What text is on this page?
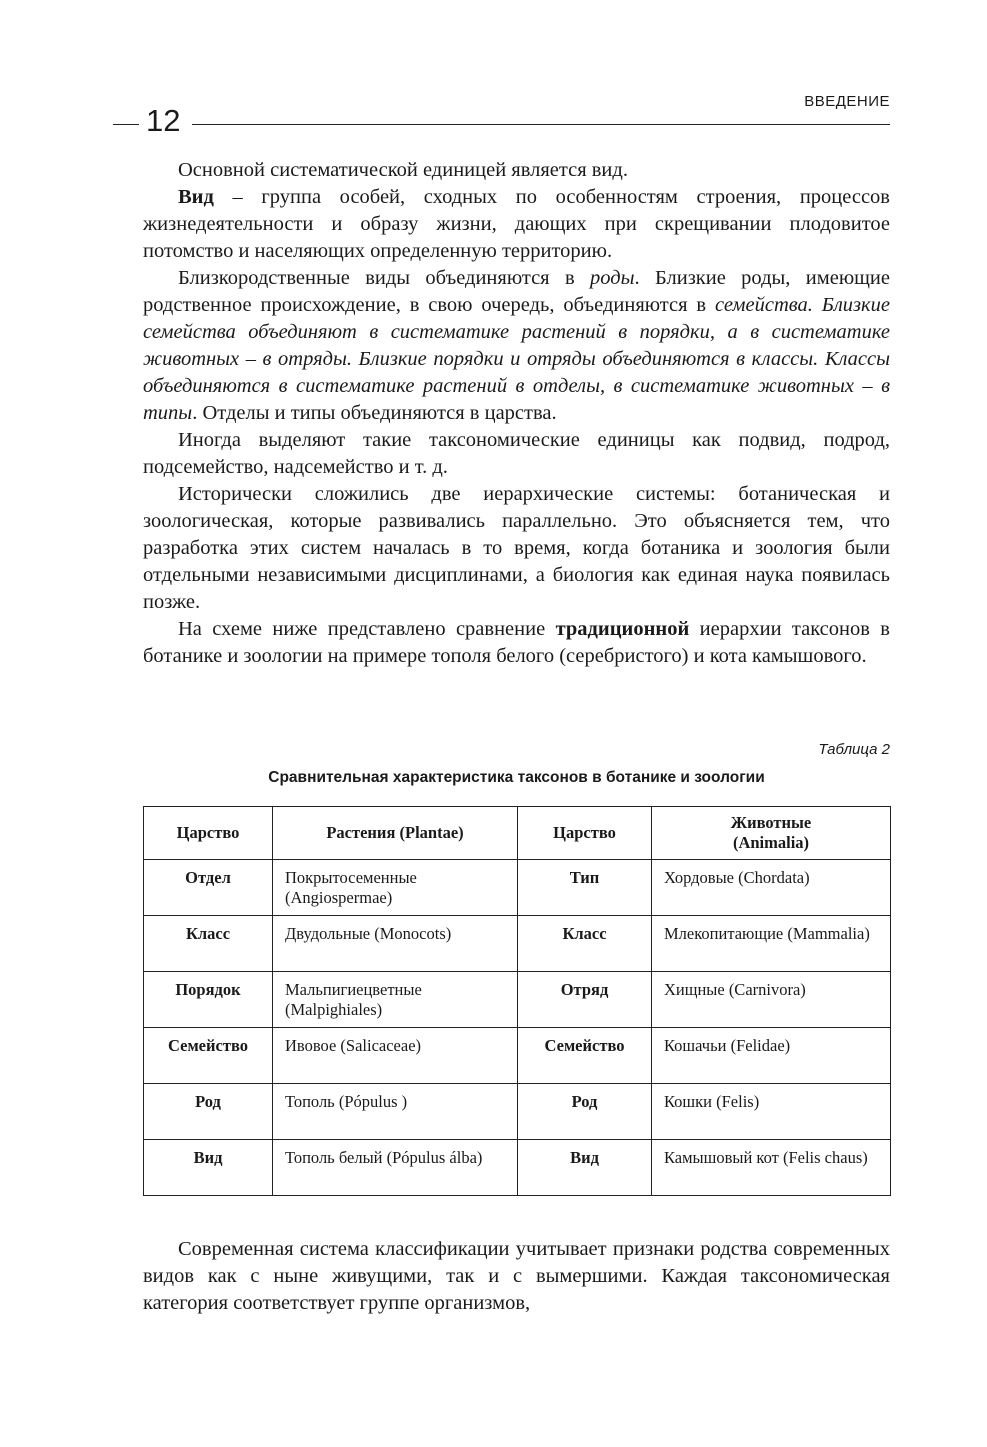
ВВЕДЕНИЕ
12

Основной систематической единицей является вид.

Вид – группа особей, сходных по особенностям строения, процессов жизнедеятельности и образу жизни, дающих при скрещивании плодовитое потомство и населяющих определенную территорию.

Близкородственные виды объединяются в роды. Близкие роды, имеющие родственное происхождение, в свою очередь, объединяются в семейства. Близкие семейства объединяют в систематике растений в порядки, а в систематике животных – в отряды. Близкие порядки и отряды объединяются в классы. Классы объединяются в систематике растений в отделы, в систематике животных – в типы. Отделы и типы объединяются в царства.

Иногда выделяют такие таксономические единицы как подвид, подрод, подсемейство, надсемейство и т. д.

Исторически сложились две иерархические системы: ботаническая и зоологическая, которые развивались параллельно. Это объясняется тем, что разработка этих систем началась в то время, когда ботаника и зоология были отдельными независимыми дисциплинами, а биология как единая наука появилась позже.

На схеме ниже представлено сравнение традиционной иерархии таксонов в ботанике и зоологии на примере тополя белого (серебристого) и кота камышового.

Таблица 2
Сравнительная характеристика таксонов в ботанике и зоологии
Царство	Растения (Plantae)	Царство	Животные (Animalia)
Отдел	Покрытосеменные (Angiospermae)	Тип	Хордовые (Chordata)
Класс	Двудольные (Monocots)	Класс	Млекопитающие (Mammalia)
Порядок	Мальпигиецветные (Malpighiales)	Отряд	Хищные (Carnivora)
Семейство	Ивовое (Salicaceae)	Семейство	Кошачьи (Felidae)
Род	Тополь (Pópulus )	Род	Кошки (Felis)
Вид	Тополь белый (Pópulus álba)	Вид	Камышовый кот (Felis chaus)

Современная система классификации учитывает признаки родства современных видов как с ныне живущими, так и с вымершими. Каждая таксономическая категория соответствует группе организмов,
